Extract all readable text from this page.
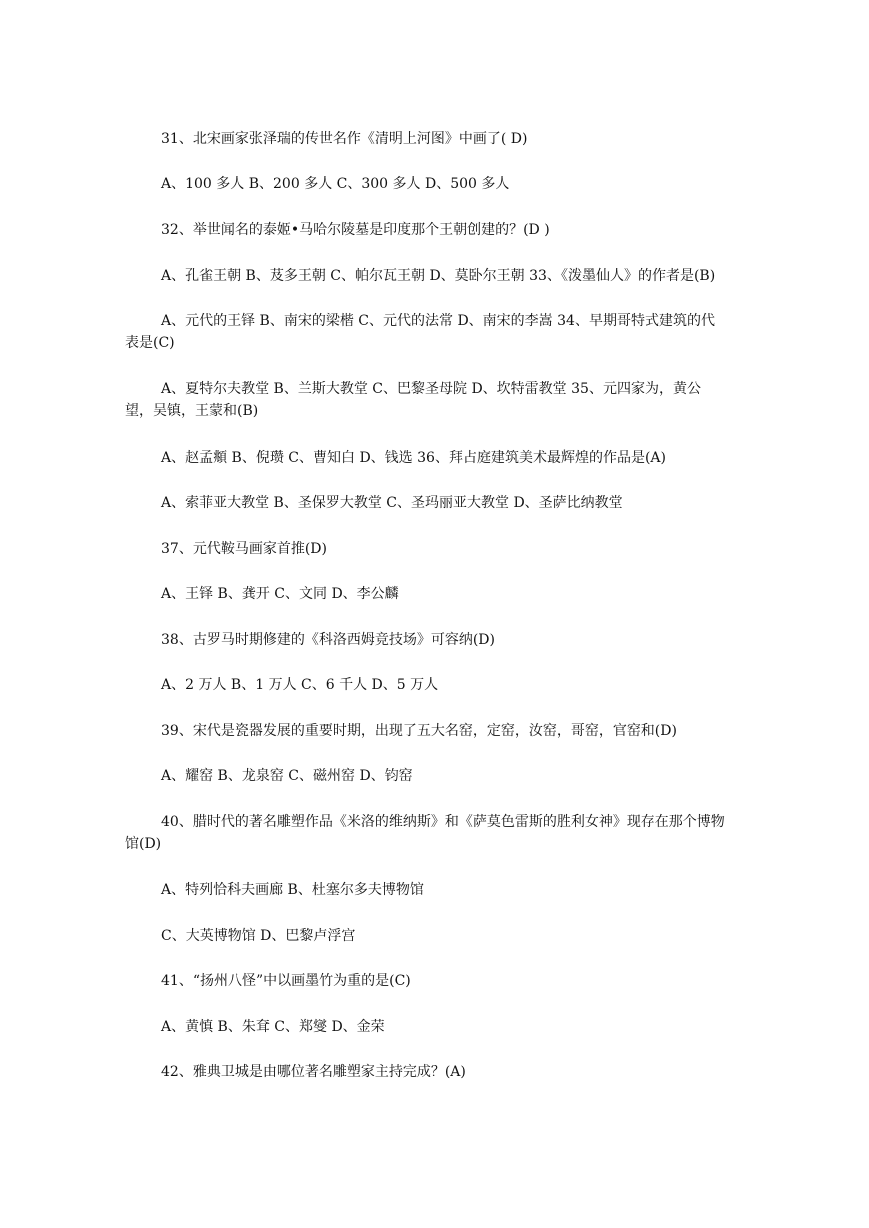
31、北宋画家张泽瑞的传世名作《清明上河图》中画了( D)
A、100 多人 B、200 多人 C、300 多人 D、500 多人
32、举世闻名的泰姬•马哈尔陵墓是印度那个王朝创建的？(D )
A、孔雀王朝 B、芨多王朝 C、帕尔瓦王朝 D、莫卧尔王朝 33、《泼墨仙人》的作者是(B)
A、元代的王铎 B、南宋的梁楷 C、元代的法常 D、南宋的李嵩 34、早期哥特式建筑的代表是(C)
A、夏特尔夫教堂 B、兰斯大教堂 C、巴黎圣母院 D、坎特雷教堂 35、元四家为，黄公望，吴镇，王蒙和(B)
A、赵孟頫 B、倪瓒 C、曹知白 D、钱选 36、拜占庭建筑美术最辉煌的作品是(A)
A、索菲亚大教堂 B、圣保罗大教堂 C、圣玛丽亚大教堂 D、圣萨比纳教堂
37、元代鞍马画家首推(D)
A、王铎 B、龚开 C、文同 D、李公麟
38、古罗马时期修建的《科洛西姆竞技场》可容纳(D)
A、2 万人 B、1 万人 C、6 千人 D、5 万人
39、宋代是瓷器发展的重要时期，出现了五大名窑，定窑，汝窑，哥窑，官窑和(D)
A、耀窑 B、龙泉窑 C、磁州窑 D、钧窑
40、腊时代的著名雕塑作品《米洛的维纳斯》和《萨莫色雷斯的胜利女神》现存在那个博物馆(D)
A、特列恰科夫画廊 B、杜塞尔多夫博物馆
C、大英博物馆 D、巴黎卢浮宫
41、“扬州八怪”中以画墨竹为重的是(C)
A、黄慎 B、朱耷 C、郑燮 D、金荣
42、雅典卫城是由哪位著名雕塑家主持完成？(A)
